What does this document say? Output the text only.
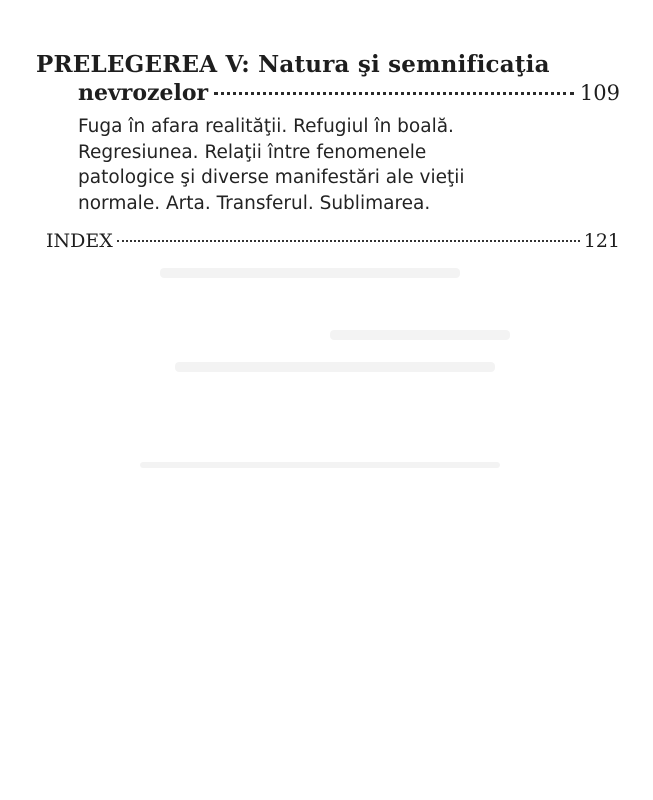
PRELEGEREA V: Natura şi semnificaţia
nevrozelor	109
Fuga în afara realităţii. Refugiul în boală.
Regresiunea. Relaţii între fenomenele
patologice şi diverse manifestări ale vieţii
normale. Arta. Transferul. Sublimarea.
INDEX	121
